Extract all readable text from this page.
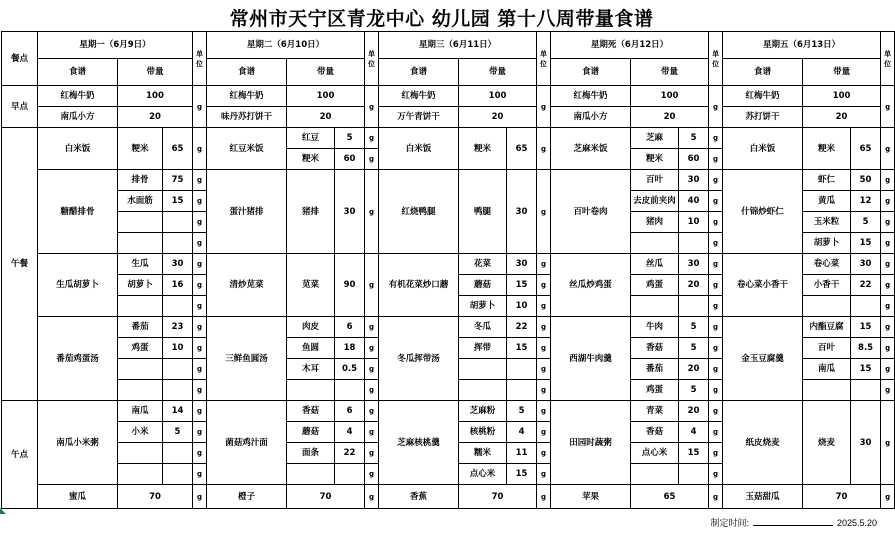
常州市天宁区青龙中心 幼儿园 第十八周带量食谱
餐点	星期一（6月9日）			单位	星期二（6月10日）			单位	星期三（6月11日）			单位	星期死（6月12日）			单位	星期五（6月13日）			单位
	食谱	带量			食谱	带量			食谱	带量			食谱	带量			食谱	带量		
早点	红梅牛奶	100		g	红梅牛奶	100		g	红梅牛奶	100		g	红梅牛奶	100		g	红梅牛奶	100		g
	南瓜小方	20			味丹苏打饼干	20			万午青饼干	20			南瓜小方	20			苏打饼干	20		
午餐	白米饭	粳米	65	g	红豆米饭	红豆	5	g	白米饭	粳米	65	g	芝麻米饭	芝麻	5	g	白米饭	粳米	65	g
						粳米	60	g						粳米	60	g				
	糖醋排骨	排骨	75	g	蛋汁猪排	猪排	30	g	红烧鸭腿	鸭腿	30	g	百叶卷肉	百叶	30	g	什锦炒虾仁	虾仁	50	g
		水面筋	15	g										去皮前夹肉	40	g		黄瓜	12	g
				g										猪肉	10	g		玉米粒	5	g
				g												g		胡萝卜	15	g
	生瓜胡萝卜	生瓜	30	g	清炒苋菜	苋菜	90	g	有机花菜炒口蘑	花菜	30	g	丝瓜炒鸡蛋	丝瓜	30	g	卷心菜小香干	卷心菜	30	g
		胡萝卜	16	g						蘑菇	15	g		鸡蛋	20	g		小香干	22	g
				g						胡萝卜	10	g				g				g
	番茄鸡蛋汤	番茄	23	g	三鲜鱼圆汤	肉皮	6	g	冬瓜挥带汤	冬瓜	22	g	西湖牛肉羹	牛肉	5	g	金玉豆腐羹	内酯豆腐	15	g
		鸡蛋	10	g		鱼圆	18	g		挥带	15	g		香菇	5	g		百叶	8.5	g
				g		木耳	0.5	g				g		番茄	20	g		南瓜	15	g
				g				g				g		鸡蛋	5	g				g
午点	南瓜小米粥	南瓜	14	g	菌菇鸡汁面	香菇	6	g	芝麻核桃羹	芝麻粉	5	g	田园时蔬粥	青菜	20	g	纸皮烧麦	烧麦	30	g
		小米	5	g		蘑菇	4	g		核桃粉	4	g		香菇	4	g				
				g		面条	22	g		糯米	11	g		点心米	15	g				
				g				g		点心米	15	g				g				
	蜜瓜	70		g	橙子	70		g	香蕉	70		g	苹果	65		g	玉菇甜瓜	70		g
制定时间:	2025.5.20
